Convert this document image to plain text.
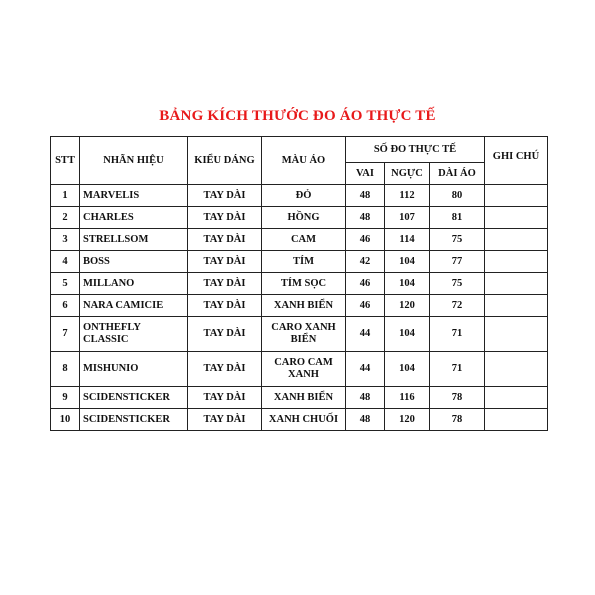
BẢNG KÍCH THƯỚC ĐO ÁO THỰC TẾ
STT	NHÃN HIỆU	KIỂU DÁNG	MÀU ÁO	SỐ ĐO THỰC TẾ			GHI CHÚ
				VAI	NGỰC	DÀI ÁO	
1	MARVELIS	TAY DÀI	ĐỎ	48	112	80	
2	CHARLES	TAY DÀI	HỒNG	48	107	81	
3	STRELLSOM	TAY DÀI	CAM	46	114	75	
4	BOSS	TAY DÀI	TÍM	42	104	77	
5	MILLANO	TAY DÀI	TÍM SỌC	46	104	75	
6	NARA CAMICIE	TAY DÀI	XANH BIỂN	46	120	72	
7	ONTHEFLY CLASSIC	TAY DÀI	CARO XANH BIỂN	44	104	71	
8	MISHUNIO	TAY DÀI	CARO CAM XANH	44	104	71	
9	SCIDENSTICKER	TAY DÀI	XANH BIỂN	48	116	78	
10	SCIDENSTICKER	TAY DÀI	XANH CHUỐI	48	120	78	
